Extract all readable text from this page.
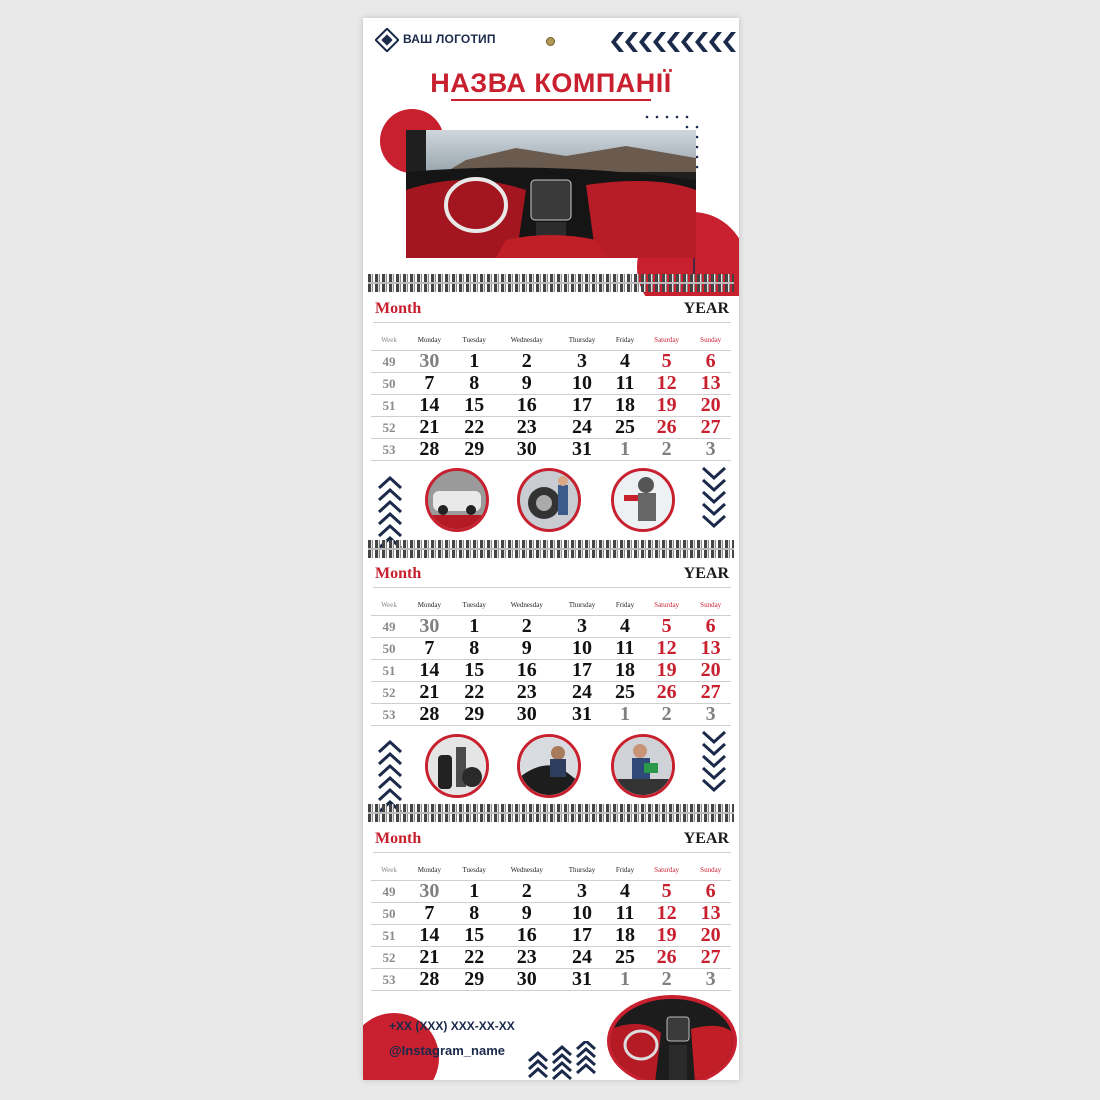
ВАШ ЛОГОТИП
НАЗВА КОМПАНІЇ
Month	YEAR
Week	Monday	Tuesday	Wednesday	Thursday	Friday	Saturday	Sunday
49	30	1	2	3	4	5	6
50	7	8	9	10	11	12	13
51	14	15	16	17	18	19	20
52	21	22	23	24	25	26	27
53	28	29	30	31	1	2	3
Month	YEAR
Week	Monday	Tuesday	Wednesday	Thursday	Friday	Saturday	Sunday
49	30	1	2	3	4	5	6
50	7	8	9	10	11	12	13
51	14	15	16	17	18	19	20
52	21	22	23	24	25	26	27
53	28	29	30	31	1	2	3
Month	YEAR
Week	Monday	Tuesday	Wednesday	Thursday	Friday	Saturday	Sunday
49	30	1	2	3	4	5	6
50	7	8	9	10	11	12	13
51	14	15	16	17	18	19	20
52	21	22	23	24	25	26	27
53	28	29	30	31	1	2	3
+XX (XXX) XXX-XX-XX
@Instagram_name
